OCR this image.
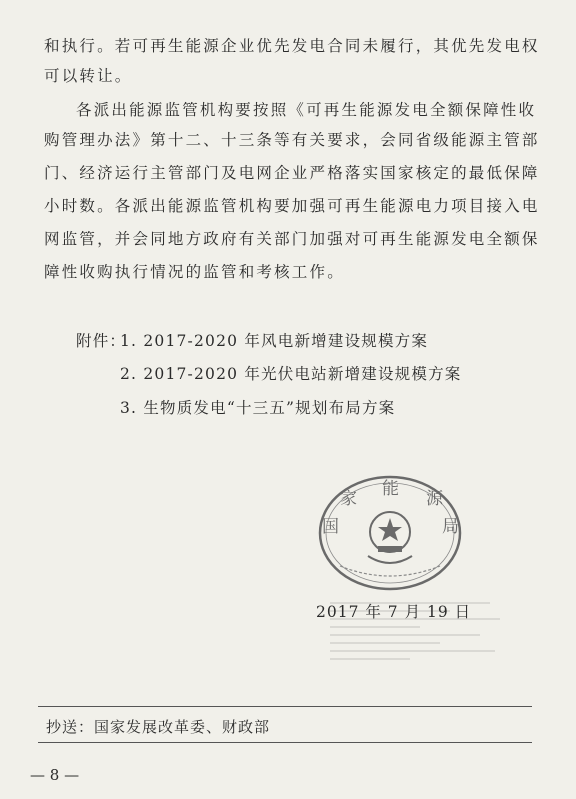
和执行。若可再生能源企业优先发电合同未履行，其优先发电权
可以转让。
各派出能源监管机构要按照《可再生能源发电全额保障性收
购管理办法》第十二、十三条等有关要求，会同省级能源主管部
门、经济运行主管部门及电网企业严格落实国家核定的最低保障
小时数。各派出能源监管机构要加强可再生能源电力项目接入电
网监管，并会同地方政府有关部门加强对可再生能源发电全额保
障性收购执行情况的监管和考核工作。
附件：
1. 2017-2020 年风电新增建设规模方案
2. 2017-2020 年光伏电站新增建设规模方案
3. 生物质发电“十三五”规划布局方案
国
家 能 源
局
2017 年 7 月 19 日
抄送：国家发展改革委、财政部
— 8 —
